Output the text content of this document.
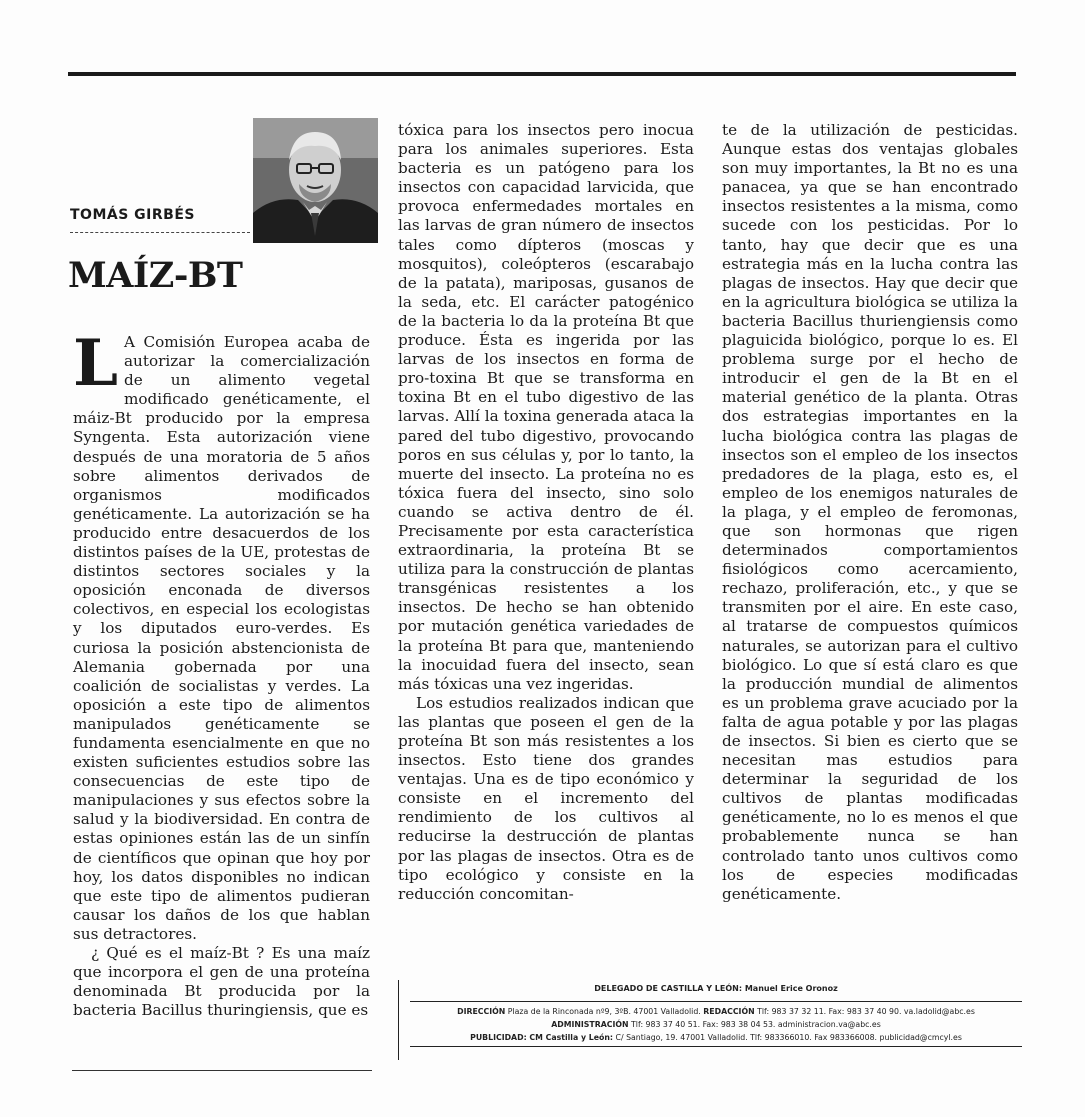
TOMÁS GIRBÉS
MAÍZ-BT

L A Comisión Europea acaba de autorizar la comercialización de un alimento vegetal modificado genéticamente, el máiz-Bt producido por la empresa Syngenta. Esta autorización viene después de una moratoria de 5 años sobre alimentos derivados de organismos modificados genéticamente. La autorización se ha producido entre desacuerdos de los distintos países de la UE, protestas de distintos sectores sociales y la oposición enconada de diversos colectivos, en especial los ecologistas y los diputados euro-verdes. Es curiosa la posición abstencionista de Alemania gobernada por una coalición de socialistas y verdes. La oposición a este tipo de alimentos manipulados genéticamente se fundamenta esencialmente en que no existen suficientes estudios sobre las consecuencias de este tipo de manipulaciones y sus efectos sobre la salud y la biodiversidad. En contra de estas opiniones están las de un sinfín de científicos que opinan que hoy por hoy, los datos disponibles no indican que este tipo de alimentos pudieran causar los daños de los que hablan sus detractores.

¿ Qué es el maíz-Bt ? Es una maíz que incorpora el gen de una proteína denominada Bt producida por la bacteria Bacillus thuringiensis, que es

tóxica para los insectos pero inocua para los animales superiores. Esta bacteria es un patógeno para los insectos con capacidad larvicida, que provoca enfermedades mortales en las larvas de gran número de insectos tales como dípteros (moscas y mosquitos), coleópteros (escarabajo de la patata), mariposas, gusanos de la seda, etc. El carácter patogénico de la bacteria lo da la proteína Bt que produce. Ésta es ingerida por las larvas de los insectos en forma de pro-toxina Bt que se transforma en toxina Bt en el tubo digestivo de las larvas. Allí la toxina generada ataca la pared del tubo digestivo, provocando poros en sus células y, por lo tanto, la muerte del insecto. La proteína no es tóxica fuera del insecto, sino solo cuando se activa dentro de él. Precisamente por esta característica extraordinaria, la proteína Bt se utiliza para la construcción de plantas transgénicas resistentes a los insectos. De hecho se han obtenido por mutación genética variedades de la proteína Bt para que, manteniendo la inocuidad fuera del insecto, sean más tóxicas una vez ingeridas.

Los estudios realizados indican que las plantas que poseen el gen de la proteína Bt son más resistentes a los insectos. Esto tiene dos grandes ventajas. Una es de tipo económico y consiste en el incremento del rendimiento de los cultivos al reducirse la destrucción de plantas por las plagas de insectos. Otra es de tipo ecológico y consiste en la reducción concomitan-

te de la utilización de pesticidas. Aunque estas dos ventajas globales son muy importantes, la Bt no es una panacea, ya que se han encontrado insectos resistentes a la misma, como sucede con los pesticidas. Por lo tanto, hay que decir que es una estrategia más en la lucha contra las plagas de insectos. Hay que decir que en la agricultura biológica se utiliza la bacteria Bacillus thuriengiensis como plaguicida biológico, porque lo es. El problema surge por el hecho de introducir el gen de la Bt en el material genético de la planta. Otras dos estrategias importantes en la lucha biológica contra las plagas de insectos son el empleo de los insectos predadores de la plaga, esto es, el empleo de los enemigos naturales de la plaga, y el empleo de feromonas, que son hormonas que rigen determinados comportamientos fisiológicos como acercamiento, rechazo, proliferación, etc., y que se transmiten por el aire. En este caso, al tratarse de compuestos químicos naturales, se autorizan para el cultivo biológico. Lo que sí está claro es que la producción mundial de alimentos es un problema grave acuciado por la falta de agua potable y por las plagas de insectos. Si bien es cierto que se necesitan mas estudios para determinar la seguridad de los cultivos de plantas modificadas genéticamente, no lo es menos el que probablemente nunca se han controlado tanto unos cultivos como los de especies modificadas genéticamente.

DELEGADO DE CASTILLA Y LEÓN: Manuel Erice Oronoz
DIRECCIÓN Plaza de la Rinconada nº9, 3ºB. 47001 Valladolid. REDACCIÓN Tlf: 983 37 32 11. Fax: 983 37 40 90. va.ladolid@abc.es
ADMINISTRACIÓN Tlf: 983 37 40 51. Fax: 983 38 04 53. administracion.va@abc.es
PUBLICIDAD: CM Castilla y León: C/ Santiago, 19. 47001 Valladolid. Tlf: 983366010. Fax 983366008. publicidad@cmcyl.es
